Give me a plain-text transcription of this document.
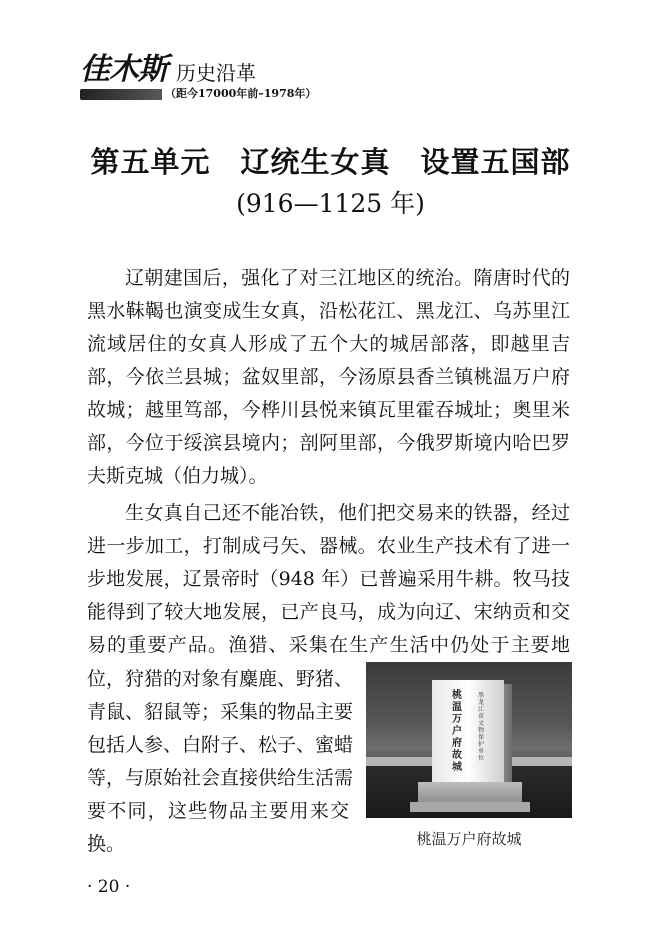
佳木斯 历史沿革
（距今17000年前–1978年）
第五单元　辽统生女真　设置五国部
(916—1125 年)
辽朝建国后，强化了对三江地区的统治。隋唐时代的
黑水靺鞨也演变成生女真，沿松花江、黑龙江、乌苏里江
流域居住的女真人形成了五个大的城居部落，即越里吉
部，今依兰县城；盆奴里部，今汤原县香兰镇桃温万户府
故城；越里笃部，今桦川县悦来镇瓦里霍吞城址；奥里米
部，今位于绥滨县境内；剖阿里部，今俄罗斯境内哈巴罗
夫斯克城（伯力城）。
生女真自己还不能冶铁，他们把交易来的铁器，经过
进一步加工，打制成弓矢、器械。农业生产技术有了进一
步地发展，辽景帝时（948 年）已普遍采用牛耕。牧马技
能得到了较大地发展，已产良马，成为向辽、宋纳贡和交
易的重要产品。渔猎、采集在生产生活中仍处于主要地
位，狩猎的对象有麋鹿、野猪、
青鼠、貂鼠等；采集的物品主要
包括人参、白附子、松子、蜜蜡
等，与原始社会直接供给生活需
要不同，这些物品主要用来交
换。
桃温万户府故城
黑龙江省文物保护单位
桃温万户府故城
· 20 ·
